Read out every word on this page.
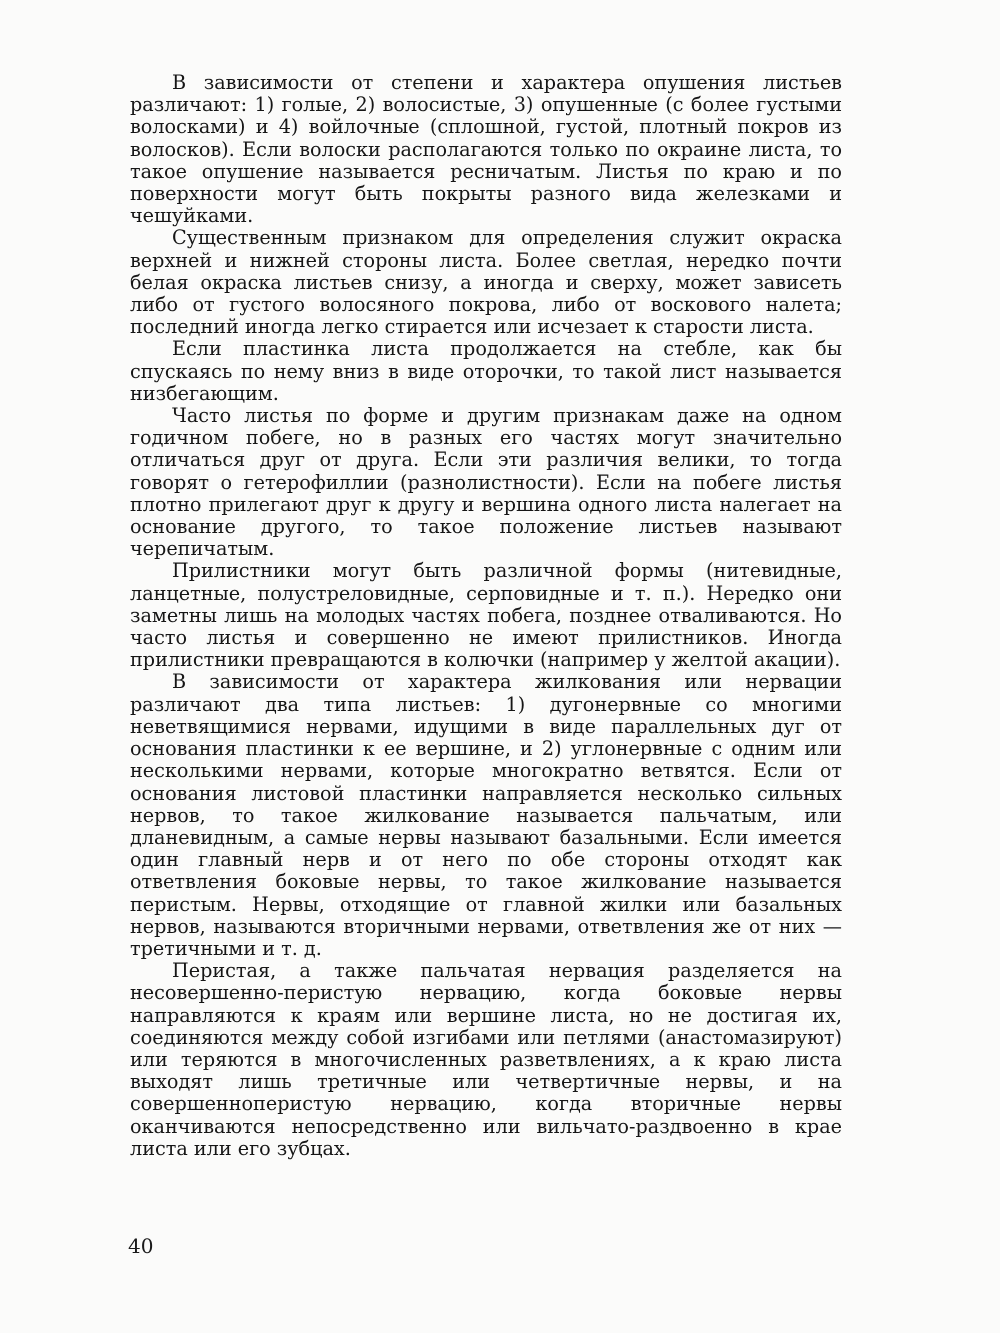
В зависимости от степени и характера опушения листьев различают: 1) голые, 2) волосистые, 3) опушенные (с более густыми волосками) и 4) войлочные (сплошной, густой, плотный покров из волосков). Если волоски располагаются только по окраине листа, то такое опушение называется ресничатым. Листья по краю и по поверхности могут быть покрыты разного вида железками и чешуйками.

Существенным признаком для определения служит окраска верхней и нижней стороны листа. Более светлая, нередко почти белая окраска листьев снизу, а иногда и сверху, может зависеть либо от густого волосяного покрова, либо от воскового налета; последний иногда легко стирается или исчезает к старости листа.

Если пластинка листа продолжается на стебле, как бы спускаясь по нему вниз в виде оторочки, то такой лист называется низбегающим.

Часто листья по форме и другим признакам даже на одном годичном побеге, но в разных его частях могут значительно отличаться друг от друга. Если эти различия велики, то тогда говорят о гетерофиллии (разнолистности). Если на побеге листья плотно прилегают друг к другу и вершина одного листа налегает на основание другого, то такое положение листьев называют черепичатым.

Прилистники могут быть различной формы (нитевидные, ланцетные, полустреловидные, серповидные и т. п.). Нередко они заметны лишь на молодых частях побега, позднее отваливаются. Но часто листья и совершенно не имеют прилистников. Иногда прилистники превращаются в колючки (например у желтой акации).

В зависимости от характера жилкования или нервации различают два типа листьев: 1) дугонервные со многими неветвящимися нервами, идущими в виде параллельных дуг от основания пластинки к ее вершине, и 2) углонервные с одним или несколькими нервами, которые многократно ветвятся. Если от основания листовой пластинки направляется несколько сильных нервов, то такое жилкование называется пальчатым, или дланевидным, а самые нервы называют базальными. Если имеется один главный нерв и от него по обе стороны отходят как ответвления боковые нервы, то такое жилкование называется перистым. Нервы, отходящие от главной жилки или базальных нервов, называются вторичными нервами, ответвления же от них — третичными и т. д.

Перистая, а также пальчатая нервация разделяется на несовершенно-перистую нервацию, когда боковые нервы направляются к краям или вершине листа, но не достигая их, соединяются между собой изгибами или петлями (анастомазируют) или теряются в многочисленных разветвлениях, а к краю листа выходят лишь третичные или четвертичные нервы, и на совершенноперистую нервацию, когда вторичные нервы оканчиваются непосредственно или вильчато-раздвоенно в крае листа или его зубцах.

40
